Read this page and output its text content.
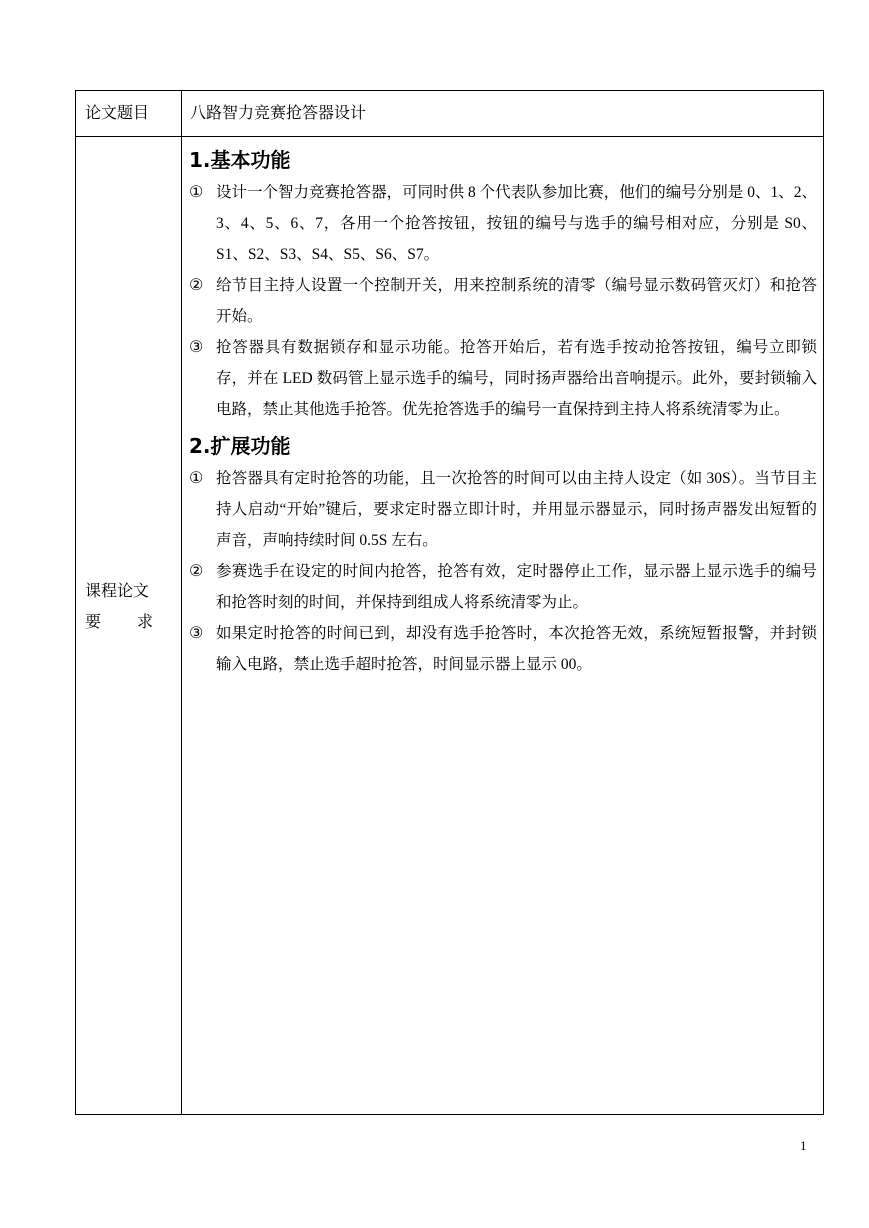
论文题目	八路智力竞赛抢答器设计
课程论文
要 求
1.基本功能
① 设计一个智力竞赛抢答器，可同时供 8 个代表队参加比赛，他们的编号分别是 0、1、2、3、4、5、6、7，各用一个抢答按钮，按钮的编号与选手的编号相对应，分别是 S0、S1、S2、S3、S4、S5、S6、S7。
② 给节目主持人设置一个控制开关，用来控制系统的清零（编号显示数码管灭灯）和抢答开始。
③ 抢答器具有数据锁存和显示功能。抢答开始后，若有选手按动抢答按钮，编号立即锁存，并在 LED 数码管上显示选手的编号，同时扬声器给出音响提示。此外，要封锁输入电路，禁止其他选手抢答。优先抢答选手的编号一直保持到主持人将系统清零为止。
2.扩展功能
① 抢答器具有定时抢答的功能，且一次抢答的时间可以由主持人设定（如 30S）。当节目主持人启动“开始”键后，要求定时器立即计时，并用显示器显示，同时扬声器发出短暂的声音，声响持续时间 0.5S 左右。
② 参赛选手在设定的时间内抢答，抢答有效，定时器停止工作，显示器上显示选手的编号和抢答时刻的时间，并保持到组成人将系统清零为止。
③ 如果定时抢答的时间已到，却没有选手抢答时，本次抢答无效，系统短暂报警，并封锁输入电路，禁止选手超时抢答，时间显示器上显示 00。
1
